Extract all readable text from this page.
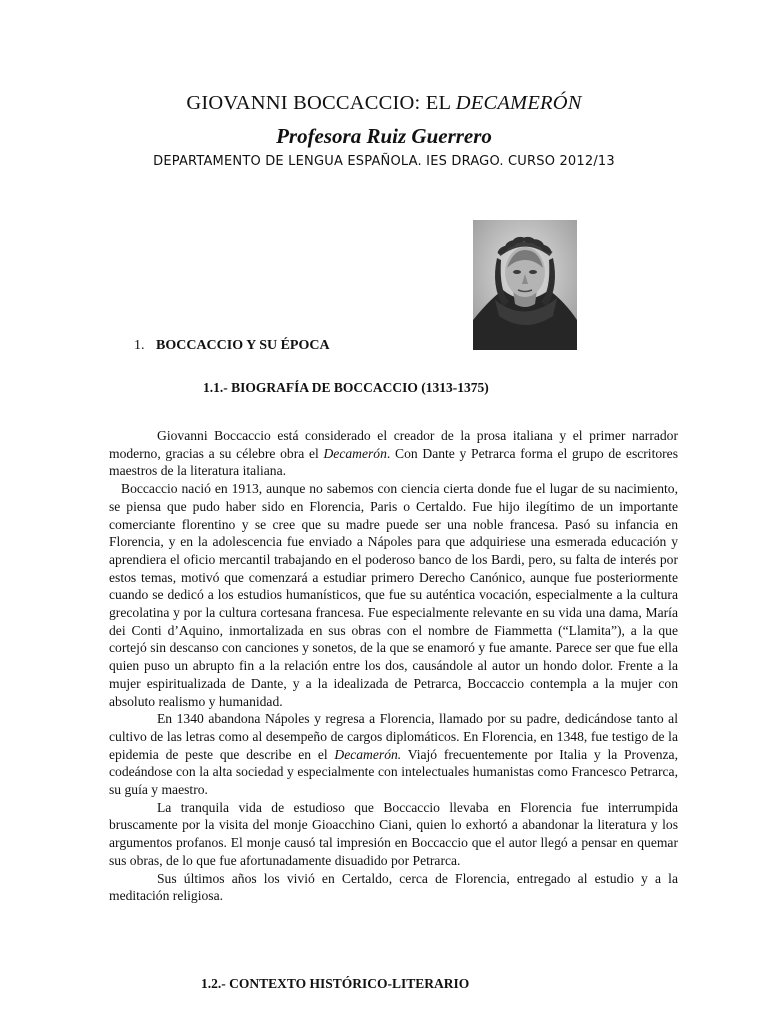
GIOVANNI BOCCACCIO: EL DECAMERÓN
Profesora Ruiz Guerrero
DEPARTAMENTO DE LENGUA ESPAÑOLA. IES DRAGO. CURSO 2012/13
1. BOCCACCIO Y SU ÉPOCA
1.1.- BIOGRAFÍA DE BOCCACCIO (1313-1375)

Giovanni Boccaccio está considerado el creador de la prosa italiana y el primer narrador moderno, gracias a su célebre obra el Decamerón. Con Dante y Petrarca forma el grupo de escritores maestros de la literatura italiana.

Boccaccio nació en 1913, aunque no sabemos con ciencia cierta donde fue el lugar de su nacimiento, se piensa que pudo haber sido en Florencia, Paris o Certaldo. Fue hijo ilegítimo de un importante comerciante florentino y se cree que su madre puede ser una noble francesa. Pasó su infancia en Florencia, y en la adolescencia fue enviado a Nápoles para que adquiriese una esmerada educación y aprendiera el oficio mercantil trabajando en el poderoso banco de los Bardi, pero, su falta de interés por estos temas, motivó que comenzará a estudiar primero Derecho Canónico, aunque fue posteriormente cuando se dedicó a los estudios humanísticos, que fue su auténtica vocación, especialmente a la cultura grecolatina y por la cultura cortesana francesa. Fue especialmente relevante en su vida una dama, María dei Conti d’Aquino, inmortalizada en sus obras con el nombre de Fiammetta (“Llamita”), a la que cortejó sin descanso con canciones y sonetos, de la que se enamoró y fue amante. Parece ser que fue ella quien puso un abrupto fin a la relación entre los dos, causándole al autor un hondo dolor. Frente a la mujer espiritualizada de Dante, y a la idealizada de Petrarca, Boccaccio contempla a la mujer con absoluto realismo y humanidad.

En 1340 abandona Nápoles y regresa a Florencia, llamado por su padre, dedicándose tanto al cultivo de las letras como al desempeño de cargos diplomáticos. En Florencia, en 1348, fue testigo de la epidemia de peste que describe en el Decamerón. Viajó frecuentemente por Italia y la Provenza, codeándose con la alta sociedad y especialmente con intelectuales humanistas como Francesco Petrarca, su guía y maestro.

La tranquila vida de estudioso que Boccaccio llevaba en Florencia fue interrumpida bruscamente por la visita del monje Gioacchino Ciani, quien lo exhortó a abandonar la literatura y los argumentos profanos. El monje causó tal impresión en Boccaccio que el autor llegó a pensar en quemar sus obras, de lo que fue afortunadamente disuadido por Petrarca.

Sus últimos años los vivió en Certaldo, cerca de Florencia, entregado al estudio y a la meditación religiosa.

1.2.- CONTEXTO HISTÓRICO-LITERARIO
